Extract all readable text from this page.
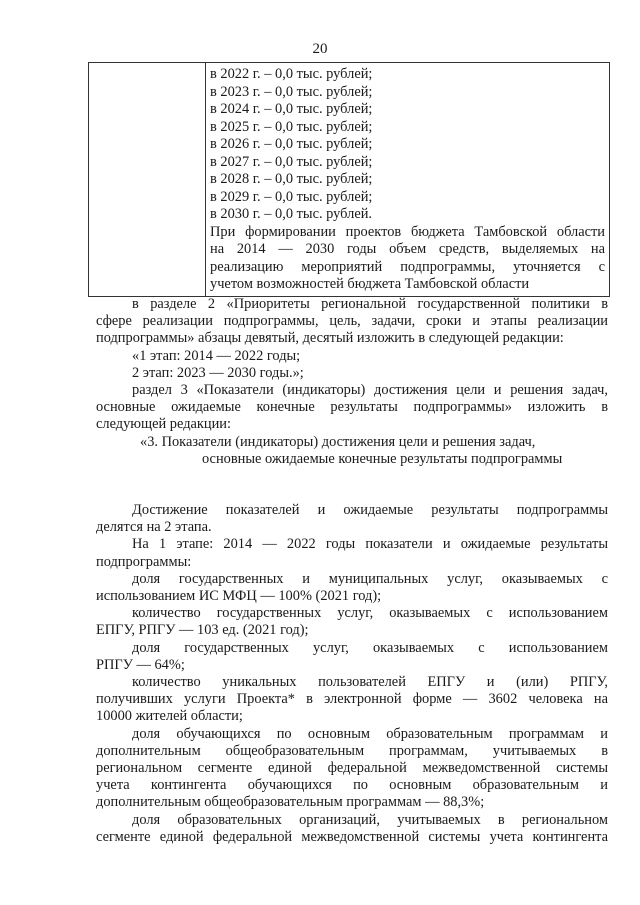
20

в 2022 г. – 0,0 тыс. рублей;
в 2023 г. – 0,0 тыс. рублей;
в 2024 г. – 0,0 тыс. рублей;
в 2025 г. – 0,0 тыс. рублей;
в 2026 г. – 0,0 тыс. рублей;
в 2027 г. – 0,0 тыс. рублей;
в 2028 г. – 0,0 тыс. рублей;
в 2029 г. – 0,0 тыс. рублей;
в 2030 г. – 0,0 тыс. рублей.
При формировании проектов бюджета Тамбовской области
на 2014 — 2030 годы объем средств, выделяемых на
реализацию мероприятий подпрограммы, уточняется с
учетом возможностей бюджета Тамбовской области
в разделе 2 «Приоритеты региональной государственной политики в
сфере реализации подпрограммы, цель, задачи, сроки и этапы реализации
подпрограммы» абзацы девятый, десятый изложить в следующей редакции:
«1 этап: 2014 — 2022 годы;
2 этап: 2023 — 2030 годы.»;
раздел 3 «Показатели (индикаторы) достижения цели и решения задач,
основные ожидаемые конечные результаты подпрограммы» изложить в
следующей редакции:
«3. Показатели (индикаторы) достижения цели и решения задач,
основные ожидаемые конечные результаты подпрограммы
Достижение показателей и ожидаемые результаты подпрограммы
делятся на 2 этапа.
На 1 этапе: 2014 — 2022 годы показатели и ожидаемые результаты
подпрограммы:
доля государственных и муниципальных услуг, оказываемых с
использованием ИС МФЦ — 100% (2021 год);
количество государственных услуг, оказываемых с использованием
ЕПГУ, РПГУ — 103 ед. (2021 год);
доля государственных услуг, оказываемых с использованием
РПГУ — 64%;
количество уникальных пользователей ЕПГУ и (или) РПГУ,
получивших услуги Проекта* в электронной форме — 3602 человека на
10000 жителей области;
доля обучающихся по основным образовательным программам и
дополнительным общеобразовательным программам, учитываемых в
региональном сегменте единой федеральной межведомственной системы
учета контингента обучающихся по основным образовательным и
дополнительным общеобразовательным программам — 88,3%;
доля образовательных организаций, учитываемых в региональном
сегменте единой федеральной межведомственной системы учета контингента
